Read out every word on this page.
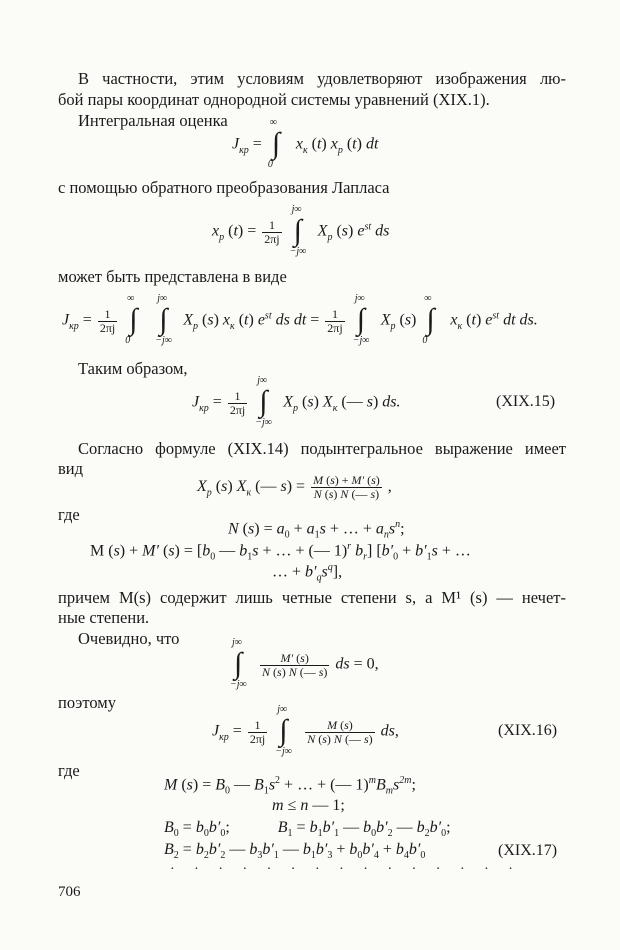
В частности, этим условиям удовлетворяют изображения лю-
бой пары координат однородной системы уравнений (XIX.1).
Интегральная оценка
$J_{кр}$ =
∞
∫
0
$x_к$ (t) $x_p$ (t) dt
с помощью обратного преобразования Лапласа
$x_p$ $(t) = \frac{1}{2\pi j}$

j∞
∫
−j∞
$X_p$ (s) $e^{st}$ ds
может быть представлена в виде
$J_{кр} = \frac{1}{2\pi j}$

∞
∫
0

j∞
∫
−j∞
$X_p$ (s) $x_к$ (t) $e^{st}$ ds dt = $\frac{1}{2\pi j}$

j∞
∫
−j∞
$X_p$ (s)
∞
∫
0
$x_к$ (t) $e^{st}$ dt ds.
Таким образом,
$J_{кр} = \frac{1}{2\pi j}$

j∞
∫
−j∞
$X_p$ (s) $X_к$ (— s) ds.	(XIX.15)
Согласно формуле (XIX.14) подынтегральное выражение имеет
вид
$X_p$ (s) $X_к$ (— $s) = \frac{M (s) + M' (s)}{N (s) N (— s)}$ ,
где
N $(s) = a_0 + a_1s$ + … + $a_ns^n$;
M (s) + M′ $(s) = [b_0$ — $b_1s$ + … + (— 1)$^r$ $b_r$] [$b'_0 + b'_1s$ + …
… + $b'_qs^q$],
причем M(s) содержит лишь четные степени s, а M¹ (s) — нечет-
ные степени.
Очевидно, что	j∞
∫
−j∞

$\frac{M' (s)}{N (s) N (— s)}$ ds = 0,
поэтому
$J_{кр} = \frac{1}{2\pi j}$

j∞
∫
−j∞

$\frac{M (s)}{N (s) N (— s)}$ ds,	(XIX.16)
где
M $(s) = B_0$ — $B_1s^2$ + … + (— $1)^mB_ms^{2m}$;
m ≤ n — 1;
$B_0 = b_0b'_0$;	$B_1 = b_1b'_1$ — $b_0b'_2$ — $b_2b'_0$;
$B_2 = b_2b'_2$ — $b_3b'_1$ — $b_1b'_3 + b_0b'_4 + b_4b'_0$	(XIX.17)
· · · · · · · · · · · · · · ·
706
